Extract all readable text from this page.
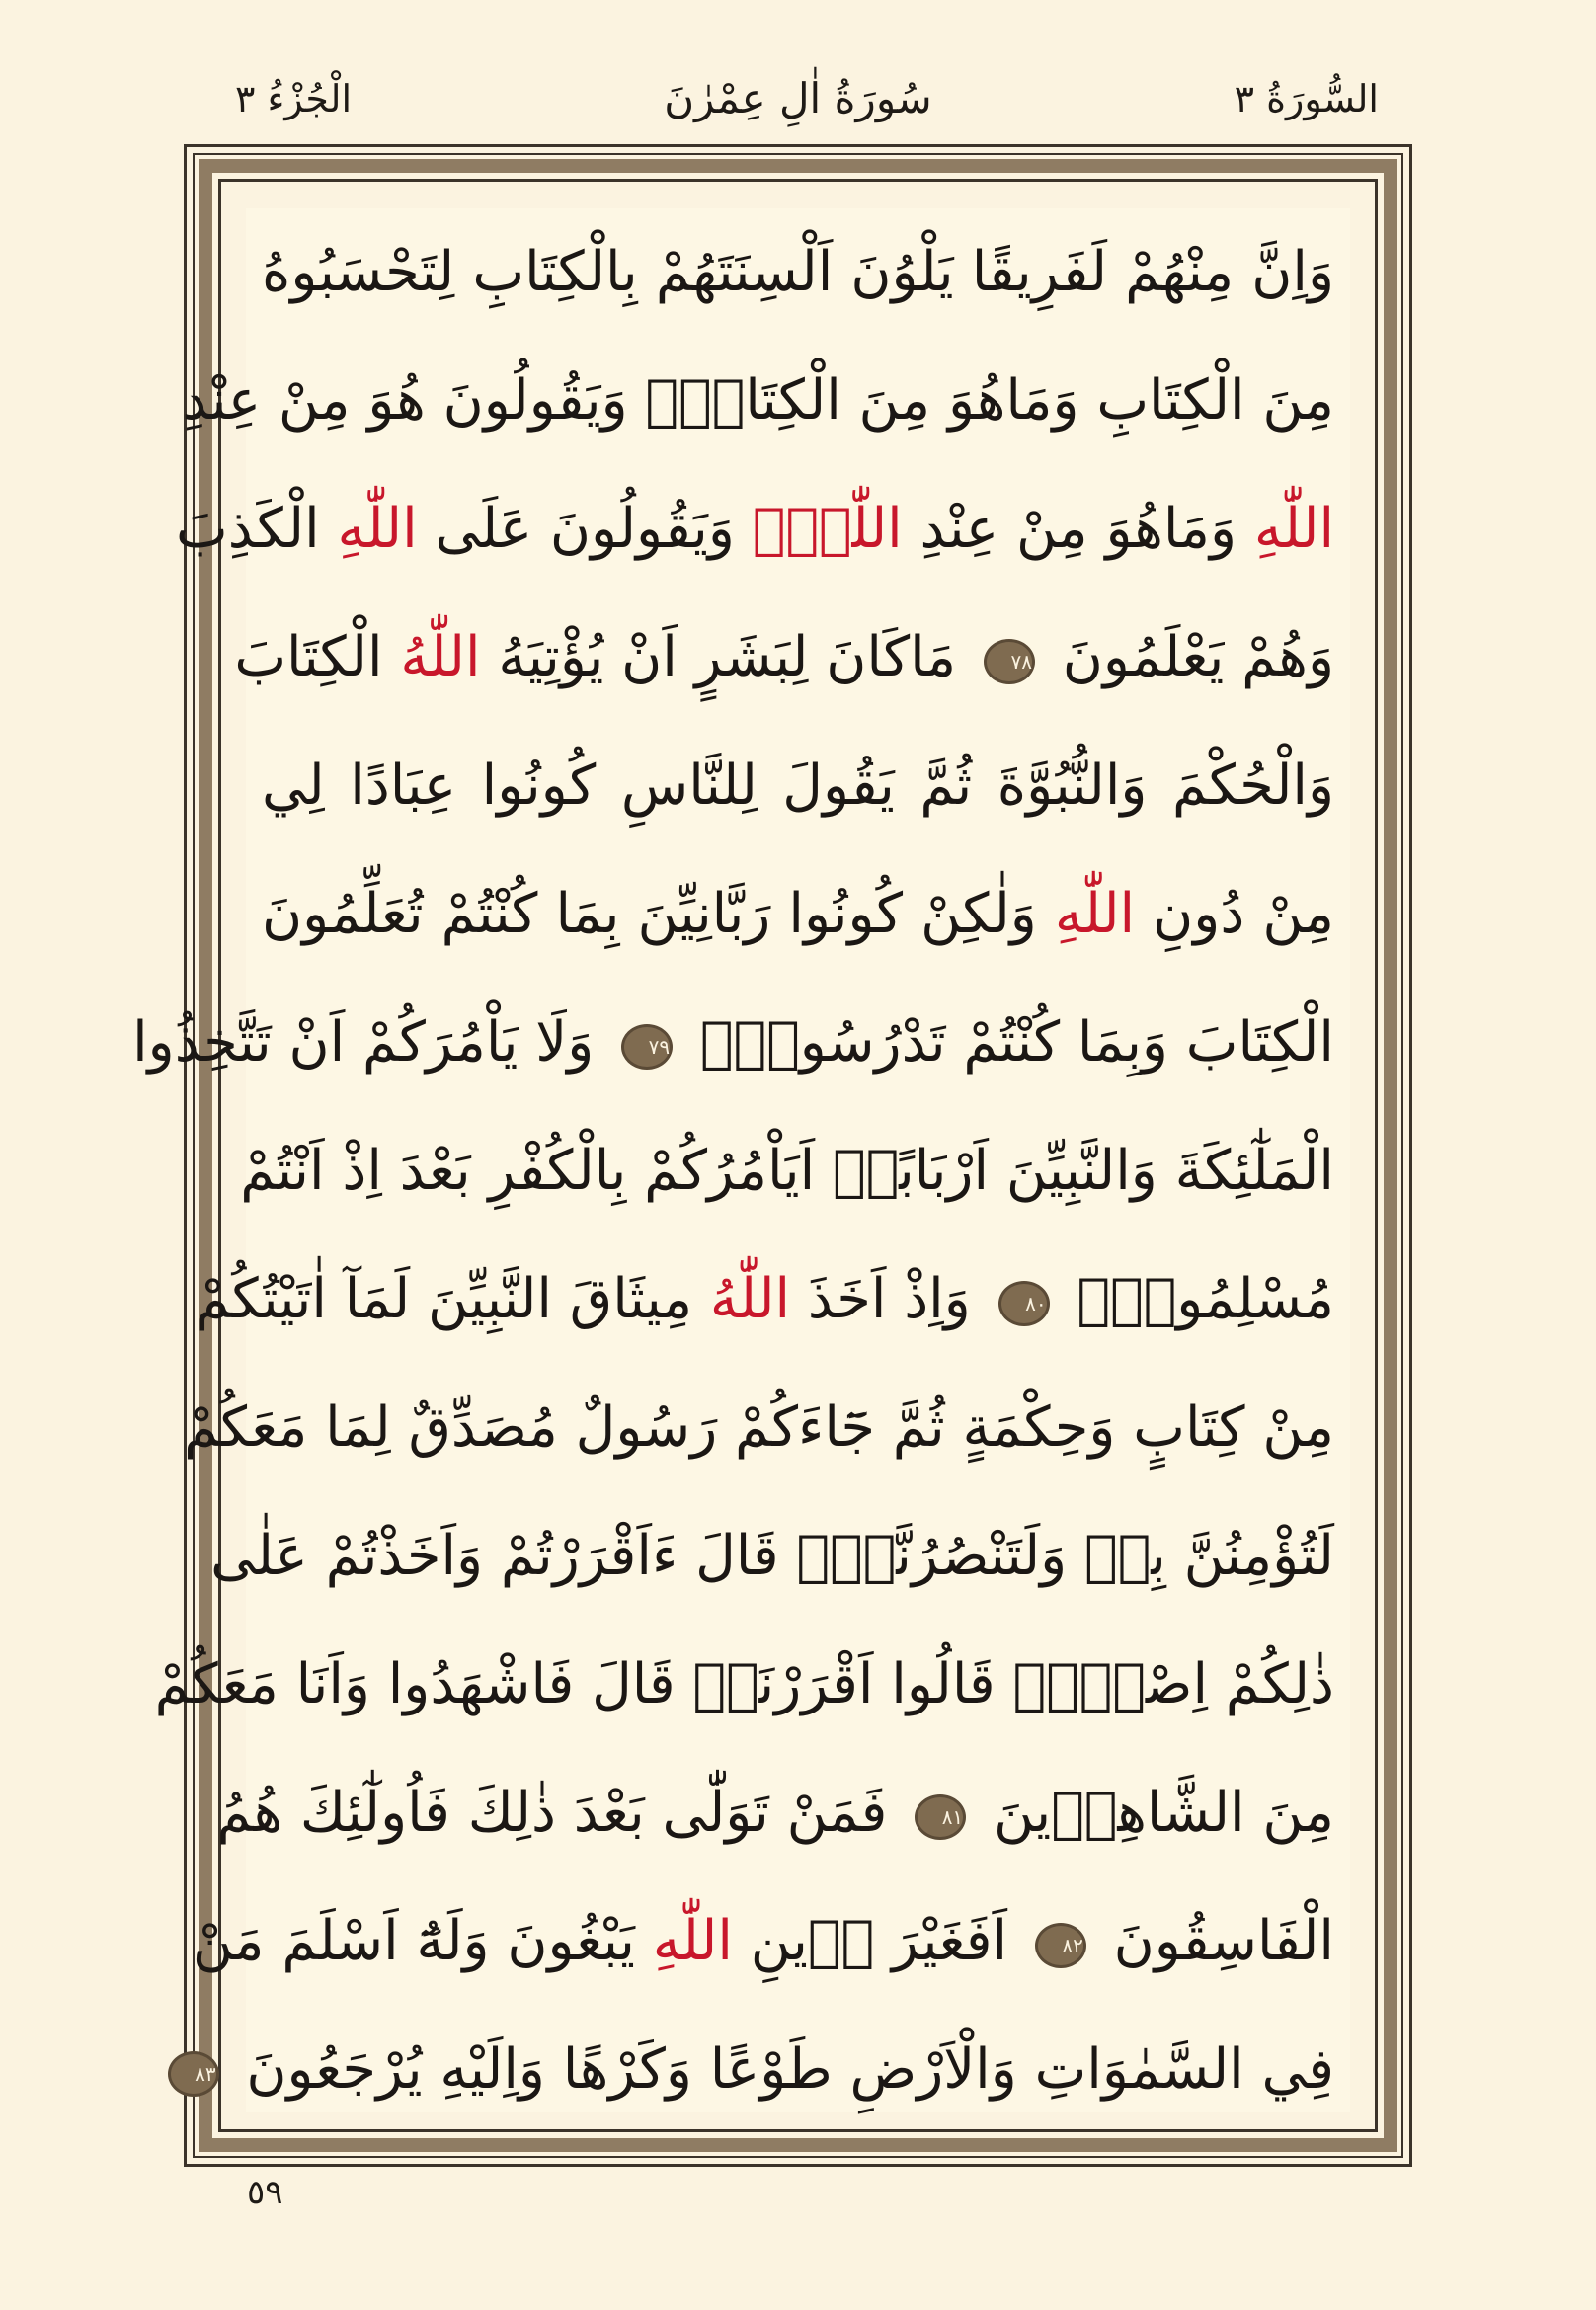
السُّورَةُ ٣
سُورَةُ اٰلِ عِمْرٰنَ
الْجُزْءُ ٣
وَاِنَّ مِنْهُمْ لَفَرِيقًا يَلْوُنَ اَلْسِنَتَهُمْ بِالْكِتَابِ لِتَحْسَبُوهُ
مِنَ الْكِتَابِ وَمَاهُوَ مِنَ الْكِتَابِۚ وَيَقُولُونَ هُوَ مِنْ عِنْدِ
اللّٰهِ وَمَاهُوَ مِنْ عِنْدِ اللّٰهِۚ وَيَقُولُونَ عَلَى اللّٰهِ الْكَذِبَ
وَهُمْ يَعْلَمُونَ ٧٨ مَاكَانَ لِبَشَرٍ اَنْ يُؤْتِيَهُ اللّٰهُ الْكِتَابَ
وَالْحُكْمَ وَالنُّبُوَّةَ ثُمَّ يَقُولَ لِلنَّاسِ كُونُوا عِبَادًا لِي
مِنْ دُونِ اللّٰهِ وَلٰكِنْ كُونُوا رَبَّانِيِّنَ بِمَا كُنْتُمْ تُعَلِّمُونَ
الْكِتَابَ وَبِمَا كُنْتُمْ تَدْرُسُونَۙ ٧٩ وَلَا يَاْمُرَكُمْ اَنْ تَتَّخِذُوا
الْمَلٰٓئِكَةَ وَالنَّبِيِّنَ اَرْبَابًاۜ اَيَاْمُرُكُمْ بِالْكُفْرِ بَعْدَ اِذْ اَنْتُمْ
مُسْلِمُونَۚ ٨٠ وَاِذْ اَخَذَ اللّٰهُ مِيثَاقَ النَّبِيِّنَ لَمَآ اٰتَيْتُكُمْ
مِنْ كِتَابٍ وَحِكْمَةٍ ثُمَّ جَٓاءَكُمْ رَسُولٌ مُصَدِّقٌ لِمَا مَعَكُمْ
لَتُؤْمِنُنَّ بِهٖ وَلَتَنْصُرُنَّهُۜ قَالَ ءَاَقْرَرْتُمْ وَاَخَذْتُمْ عَلٰى
ذٰلِكُمْ اِصْرٖيۜ قَالُوا اَقْرَرْنَاۜ قَالَ فَاشْهَدُوا وَاَنَا مَعَكُمْ
مِنَ الشَّاهِدٖينَ ٨١ فَمَنْ تَوَلّٰى بَعْدَ ذٰلِكَ فَاُولٰٓئِكَ هُمُ
الْفَاسِقُونَ ٨٢ اَفَغَيْرَ دٖينِ اللّٰهِ يَبْغُونَ وَلَهُٓ اَسْلَمَ مَنْ
فِي السَّمٰوَاتِ وَالْاَرْضِ طَوْعًا وَكَرْهًا وَاِلَيْهِ يُرْجَعُونَ ٨٣
٥٩
